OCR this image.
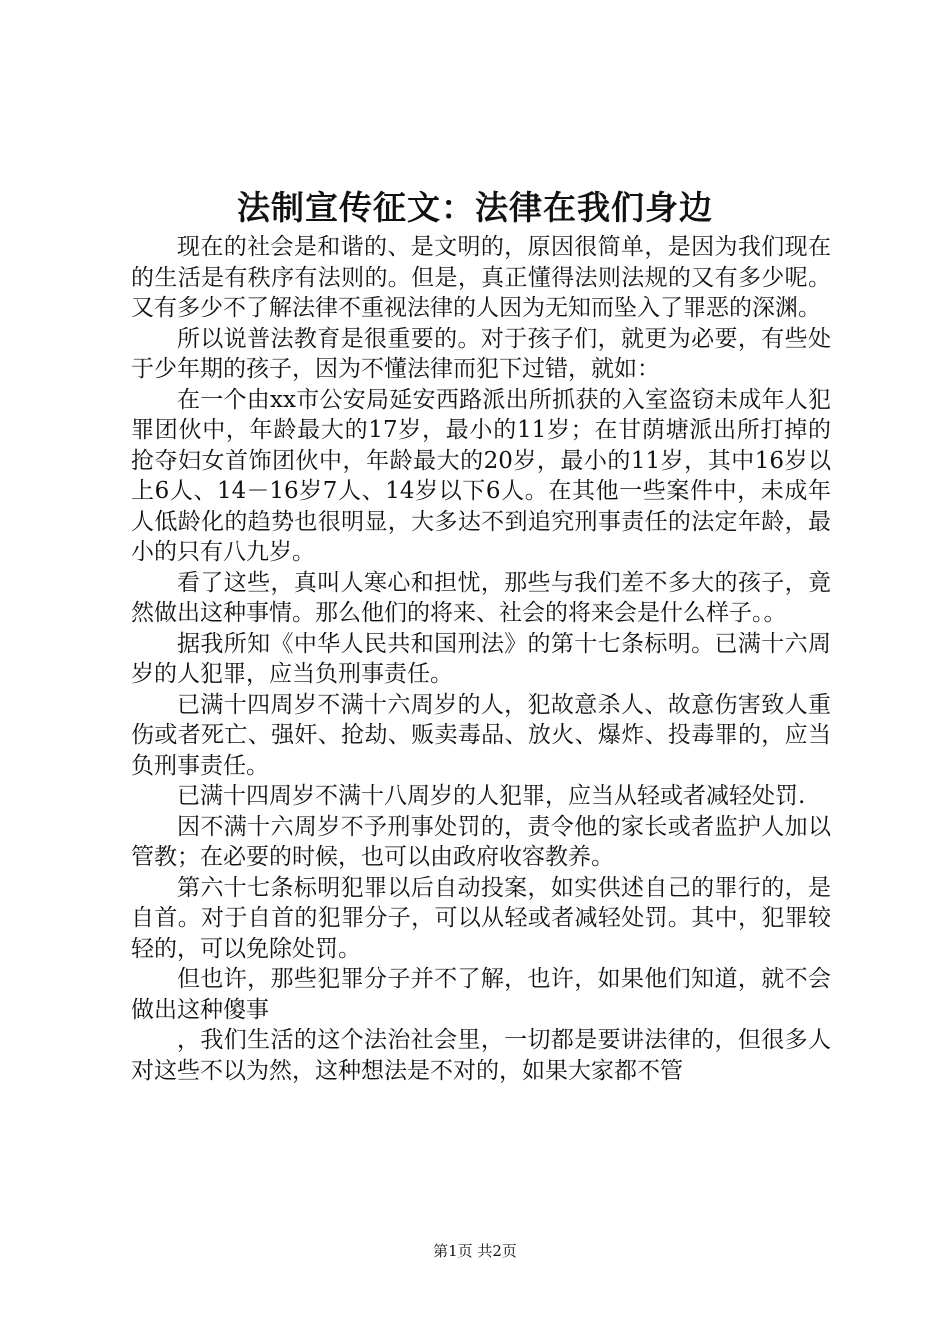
法制宣传征文：法律在我们身边

现在的社会是和谐的、是文明的，原因很简单，是因为我们现在的生活是有秩序有法则的。但是，真正懂得法则法规的又有多少呢。又有多少不了解法律不重视法律的人因为无知而坠入了罪恶的深渊。

所以说普法教育是很重要的。对于孩子们，就更为必要，有些处于少年期的孩子，因为不懂法律而犯下过错，就如：

在一个由xx市公安局延安西路派出所抓获的入室盗窃未成年人犯罪团伙中，年龄最大的17岁，最小的11岁；在甘荫塘派出所打掉的抢夺妇女首饰团伙中，年龄最大的20岁，最小的11岁，其中16岁以上6人、14－16岁7人、14岁以下6人。在其他一些案件中，未成年人低龄化的趋势也很明显，大多达不到追究刑事责任的法定年龄，最小的只有八九岁。

看了这些，真叫人寒心和担忧，那些与我们差不多大的孩子，竟然做出这种事情。那么他们的将来、社会的将来会是什么样子。。

据我所知《中华人民共和国刑法》的第十七条标明。已满十六周岁的人犯罪，应当负刑事责任。

已满十四周岁不满十六周岁的人，犯故意杀人、故意伤害致人重伤或者死亡、强奸、抢劫、贩卖毒品、放火、爆炸、投毒罪的，应当负刑事责任。

已满十四周岁不满十八周岁的人犯罪，应当从轻或者减轻处罚.

因不满十六周岁不予刑事处罚的，责令他的家长或者监护人加以管教；在必要的时候，也可以由政府收容教养。

第六十七条标明犯罪以后自动投案，如实供述自己的罪行的，是自首。对于自首的犯罪分子，可以从轻或者减轻处罚。其中，犯罪较轻的，可以免除处罚。

但也许，那些犯罪分子并不了解，也许，如果他们知道，就不会做出这种傻事

，我们生活的这个法治社会里，一切都是要讲法律的，但很多人对这些不以为然，这种想法是不对的，如果大家都不管

第1页 共2页
